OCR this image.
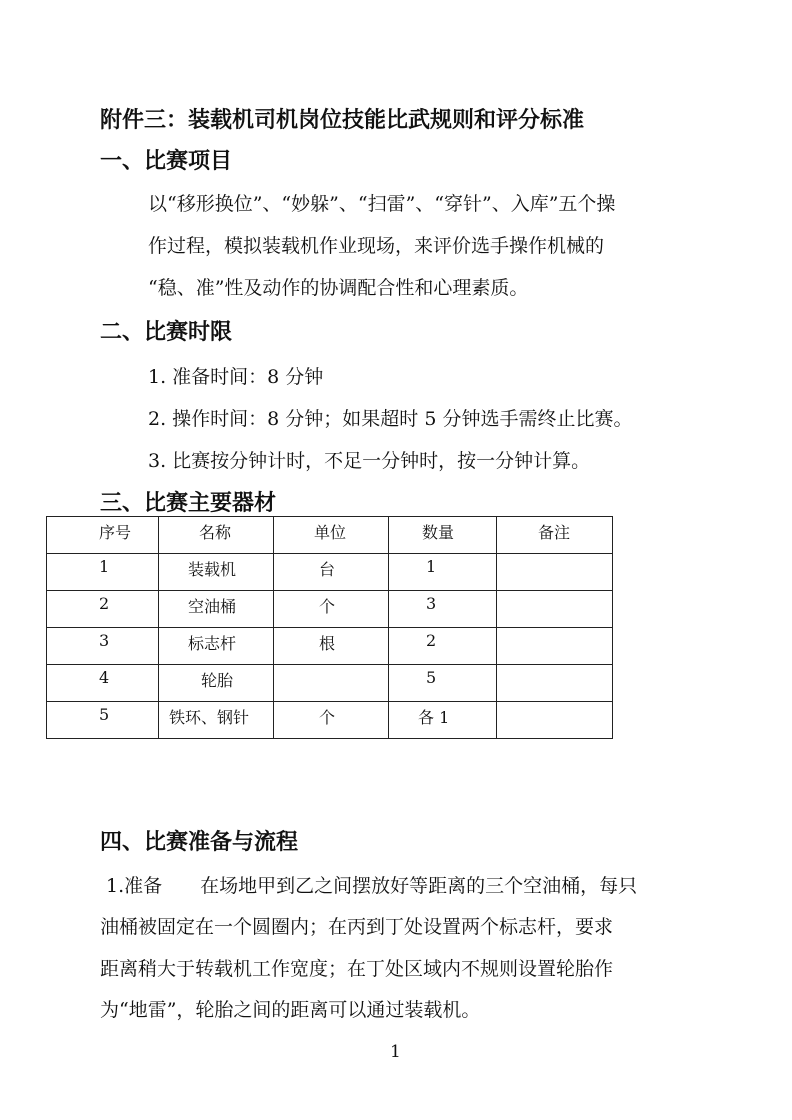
附件三：装载机司机岗位技能比武规则和评分标准
一、比赛项目
以“移形换位”、“妙躲”、“扫雷”、“穿针”、入库”五个操
作过程，模拟装载机作业现场，来评价选手操作机械的
“稳、准”性及动作的协调配合性和心理素质。
二、比赛时限
1. 准备时间：8 分钟
2. 操作时间：8 分钟；如果超时 5 分钟选手需终止比赛。
3. 比赛按分钟计时，不足一分钟时，按一分钟计算。
三、比赛主要器材
序号	名称	单位	数量	备注
1	装载机	台	1	
2	空油桶	个	3	
3	标志杆	根	2	
4	轮胎		5	
5	铁环、钢针	个	各 1	
四、比赛准备与流程
1.准备　　在场地甲到乙之间摆放好等距离的三个空油桶，每只
油桶被固定在一个圆圈内；在丙到丁处设置两个标志杆，要求
距离稍大于转载机工作宽度；在丁处区域内不规则设置轮胎作
为“地雷”，轮胎之间的距离可以通过装载机。
1
